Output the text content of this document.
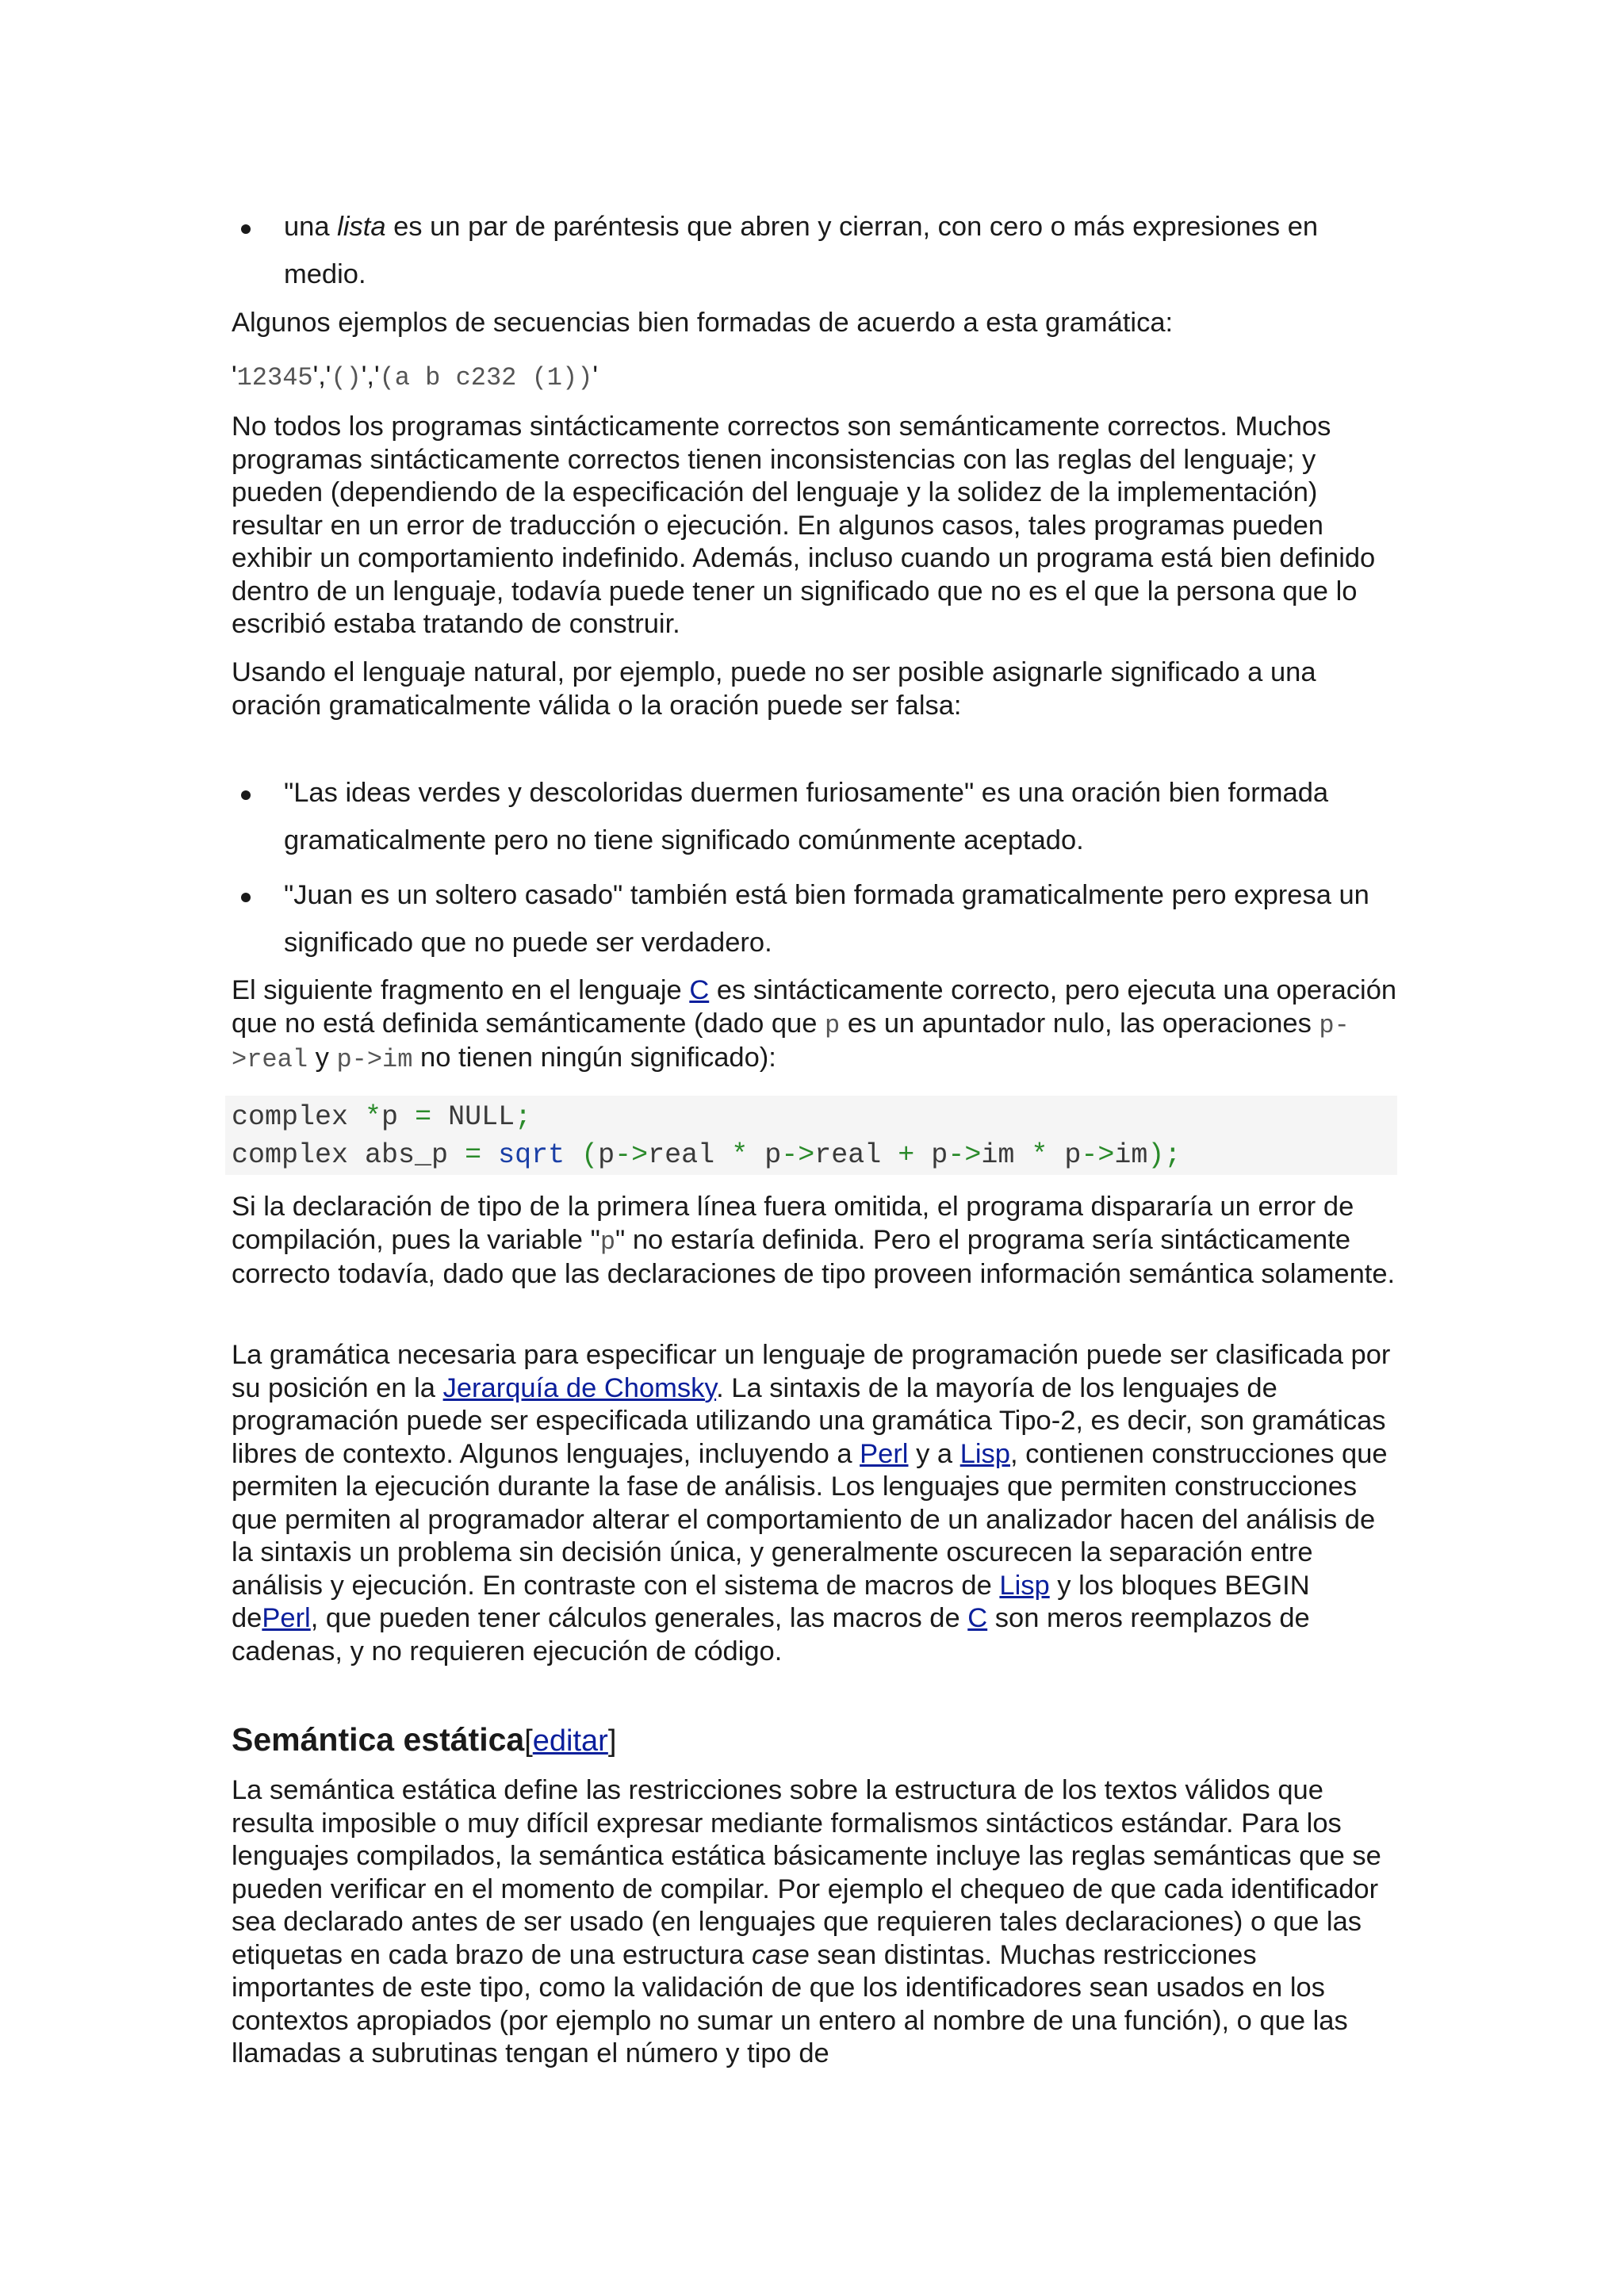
una lista es un par de paréntesis que abren y cierran, con cero o más expresiones en medio.

Algunos ejemplos de secuencias bien formadas de acuerdo a esta gramática:

'12345','()','(a b c232 (1))'

No todos los programas sintácticamente correctos son semánticamente correctos. Muchos programas sintácticamente correctos tienen inconsistencias con las reglas del lenguaje; y pueden (dependiendo de la especificación del lenguaje y la solidez de la implementación) resultar en un error de traducción o ejecución. En algunos casos, tales programas pueden exhibir un comportamiento indefinido. Además, incluso cuando un programa está bien definido dentro de un lenguaje, todavía puede tener un significado que no es el que la persona que lo escribió estaba tratando de construir.

Usando el lenguaje natural, por ejemplo, puede no ser posible asignarle significado a una oración gramaticalmente válida o la oración puede ser falsa:

"Las ideas verdes y descoloridas duermen furiosamente" es una oración bien formada gramaticalmente pero no tiene significado comúnmente aceptado.

"Juan es un soltero casado" también está bien formada gramaticalmente pero expresa un significado que no puede ser verdadero.

El siguiente fragmento en el lenguaje C es sintácticamente correcto, pero ejecuta una operación que no está definida semánticamente (dado que p es un apuntador nulo, las operaciones p->real y p->im no tienen ningún significado):

complex *p = NULL;

complex abs_p = sqrt (p->real * p->real + p->im * p->im);

Si la declaración de tipo de la primera línea fuera omitida, el programa dispararía un error de compilación, pues la variable "p" no estaría definida. Pero el programa sería sintácticamente correcto todavía, dado que las declaraciones de tipo proveen información semántica solamente.

La gramática necesaria para especificar un lenguaje de programación puede ser clasificada por su posición en la Jerarquía de Chomsky. La sintaxis de la mayoría de los lenguajes de programación puede ser especificada utilizando una gramática Tipo-2, es decir, son gramáticas libres de contexto. Algunos lenguajes, incluyendo a Perl y a Lisp, contienen construcciones que permiten la ejecución durante la fase de análisis. Los lenguajes que permiten construcciones que permiten al programador alterar el comportamiento de un analizador hacen del análisis de la sintaxis un problema sin decisión única, y generalmente oscurecen la separación entre análisis y ejecución. En contraste con el sistema de macros de Lisp y los bloques BEGIN dePerl, que pueden tener cálculos generales, las macros de C son meros reemplazos de cadenas, y no requieren ejecución de código.

Semántica estática[editar]

La semántica estática define las restricciones sobre la estructura de los textos válidos que resulta imposible o muy difícil expresar mediante formalismos sintácticos estándar. Para los lenguajes compilados, la semántica estática básicamente incluye las reglas semánticas que se pueden verificar en el momento de compilar. Por ejemplo el chequeo de que cada identificador sea declarado antes de ser usado (en lenguajes que requieren tales declaraciones) o que las etiquetas en cada brazo de una estructura case sean distintas. Muchas restricciones importantes de este tipo, como la validación de que los identificadores sean usados en los contextos apropiados (por ejemplo no sumar un entero al nombre de una función), o que las llamadas a subrutinas tengan el número y tipo de
